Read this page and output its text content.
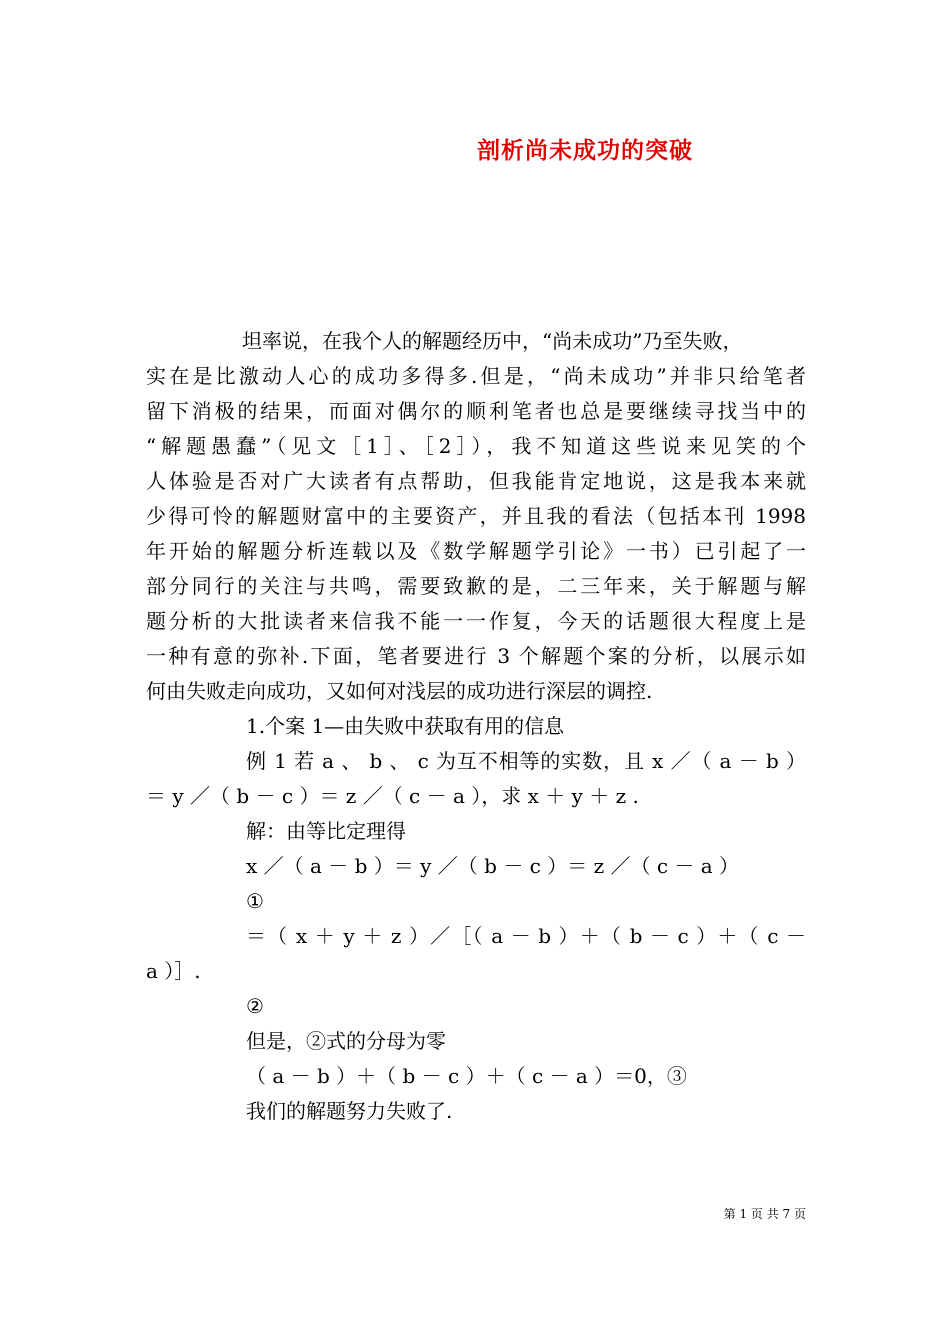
剖析尚未成功的突破
坦率说，在我个人的解题经历中，“尚未成功”乃至失败，
实在是比激动人心的成功多得多.但是，“尚未成功”并非只给笔者
留下消极的结果，而面对偶尔的顺利笔者也总是要继续寻找当中的
“解题愚蠢”（见文［1］、［2］），我不知道这些说来见笑的个
人体验是否对广大读者有点帮助，但我能肯定地说，这是我本来就
少得可怜的解题财富中的主要资产，并且我的看法（包括本刊 1998
年开始的解题分析连载以及《数学解题学引论》一书）已引起了一
部分同行的关注与共鸣，需要致歉的是，二三年来，关于解题与解
题分析的大批读者来信我不能一一作复，今天的话题很大程度上是
一种有意的弥补.下面，笔者要进行 3 个解题个案的分析，以展示如
何由失败走向成功，又如何对浅层的成功进行深层的调控.
1.个案 1—由失败中获取有用的信息
例 1 若 a 、 b 、 c 为互不相等的实数，且 x ／（ a － b ）
＝ y ／（ b － c ）＝ z ／（ c － a ），求 x ＋ y ＋ z .
解：由等比定理得
x ／（ a － b ）＝ y ／（ b － c ）＝ z ／（ c － a ）
①
＝（ x ＋ y ＋ z ）／［（ a － b ）＋（ b － c ）＋（ c －
a ）］.
②
但是，②式的分母为零
（ a － b ）＋（ b － c ）＋（ c － a ）＝0，③
我们的解题努力失败了.
第 1 页 共 7 页
